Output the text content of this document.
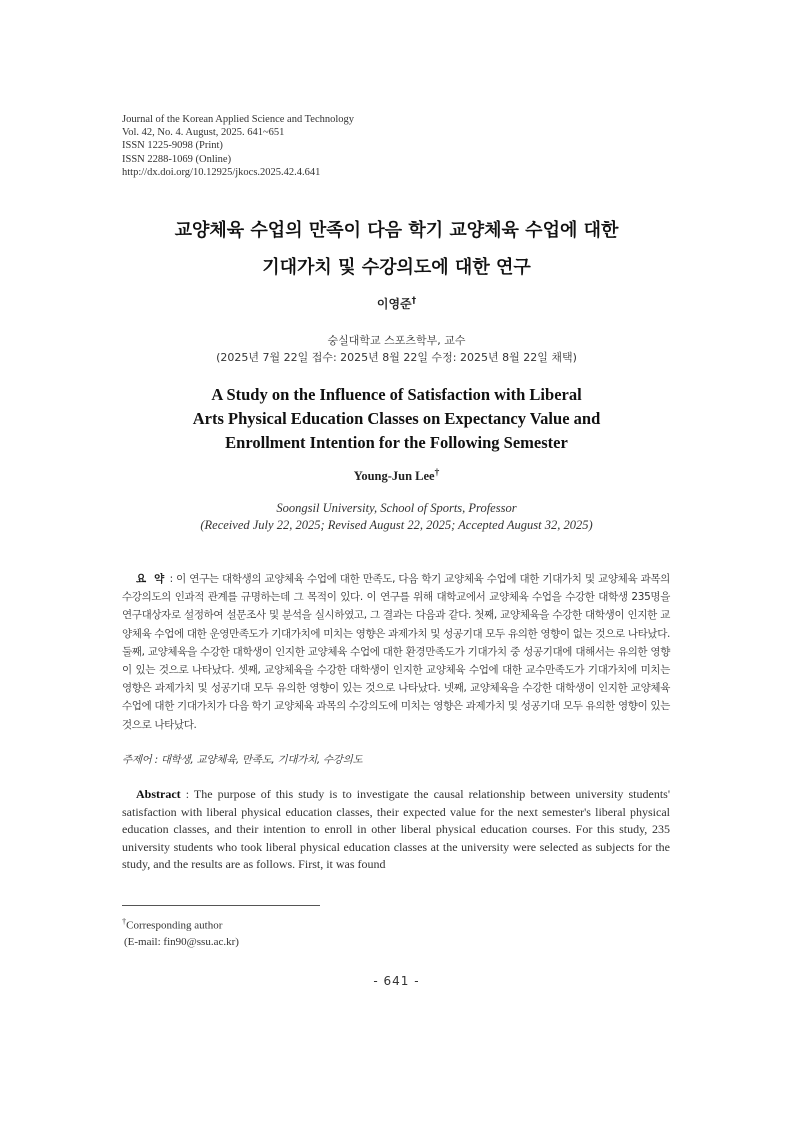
Journal of the Korean Applied Science and Technology
Vol. 42, No. 4. August, 2025. 641~651
ISSN 1225-9098 (Print)
ISSN 2288-1069 (Online)
http://dx.doi.org/10.12925/jkocs.2025.42.4.641
교양체육 수업의 만족이 다음 학기 교양체육 수업에 대한
기대가치 및 수강의도에 대한 연구
이영준†
숭실대학교 스포츠학부, 교수
(2025년 7월 22일 접수: 2025년 8월 22일 수정: 2025년 8월 22일 채택)
A Study on the Influence of Satisfaction with Liberal
Arts Physical Education Classes on Expectancy Value and
Enrollment Intention for the Following Semester
Young-Jun Lee†
Soongsil University, School of Sports, Professor
(Received July 22, 2025; Revised August 22, 2025; Accepted August 32, 2025)
요 약 : 이 연구는 대학생의 교양체육 수업에 대한 만족도, 다음 학기 교양체육 수업에 대한 기대가치 및 교양체육 과목의 수강의도의 인과적 관계를 규명하는데 그 목적이 있다. 이 연구를 위해 대학교에서 교양체육 수업을 수강한 대학생 235명을 연구대상자로 설정하여 설문조사 및 분석을 실시하였고, 그 결과는 다음과 같다. 첫째, 교양체육을 수강한 대학생이 인지한 교양체육 수업에 대한 운영만족도가 기대가치에 미치는 영향은 과제가치 및 성공기대 모두 유의한 영향이 없는 것으로 나타났다. 둘째, 교양체육을 수강한 대학생이 인지한 교양체육 수업에 대한 환경만족도가 기대가치 중 성공기대에 대해서는 유의한 영향이 있는 것으로 나타났다. 셋째, 교양체육을 수강한 대학생이 인지한 교양체육 수업에 대한 교수만족도가 기대가치에 미치는 영향은 과제가치 및 성공기대 모두 유의한 영향이 있는 것으로 나타났다. 넷째, 교양체육을 수강한 대학생이 인지한 교양체육 수업에 대한 기대가치가 다음 학기 교양체육 과목의 수강의도에 미치는 영향은 과제가치 및 성공기대 모두 유의한 영향이 있는 것으로 나타났다.
주제어 : 대학생, 교양체육, 만족도, 기대가치, 수강의도
Abstract : The purpose of this study is to investigate the causal relationship between university students' satisfaction with liberal physical education classes, their expected value for the next semester's liberal physical education classes, and their intention to enroll in other liberal physical education courses. For this study, 235 university students who took liberal physical education classes at the university were selected as subjects for the study, and the results are as follows. First, it was found
†Corresponding author
(E-mail: fin90@ssu.ac.kr)
- 641 -
